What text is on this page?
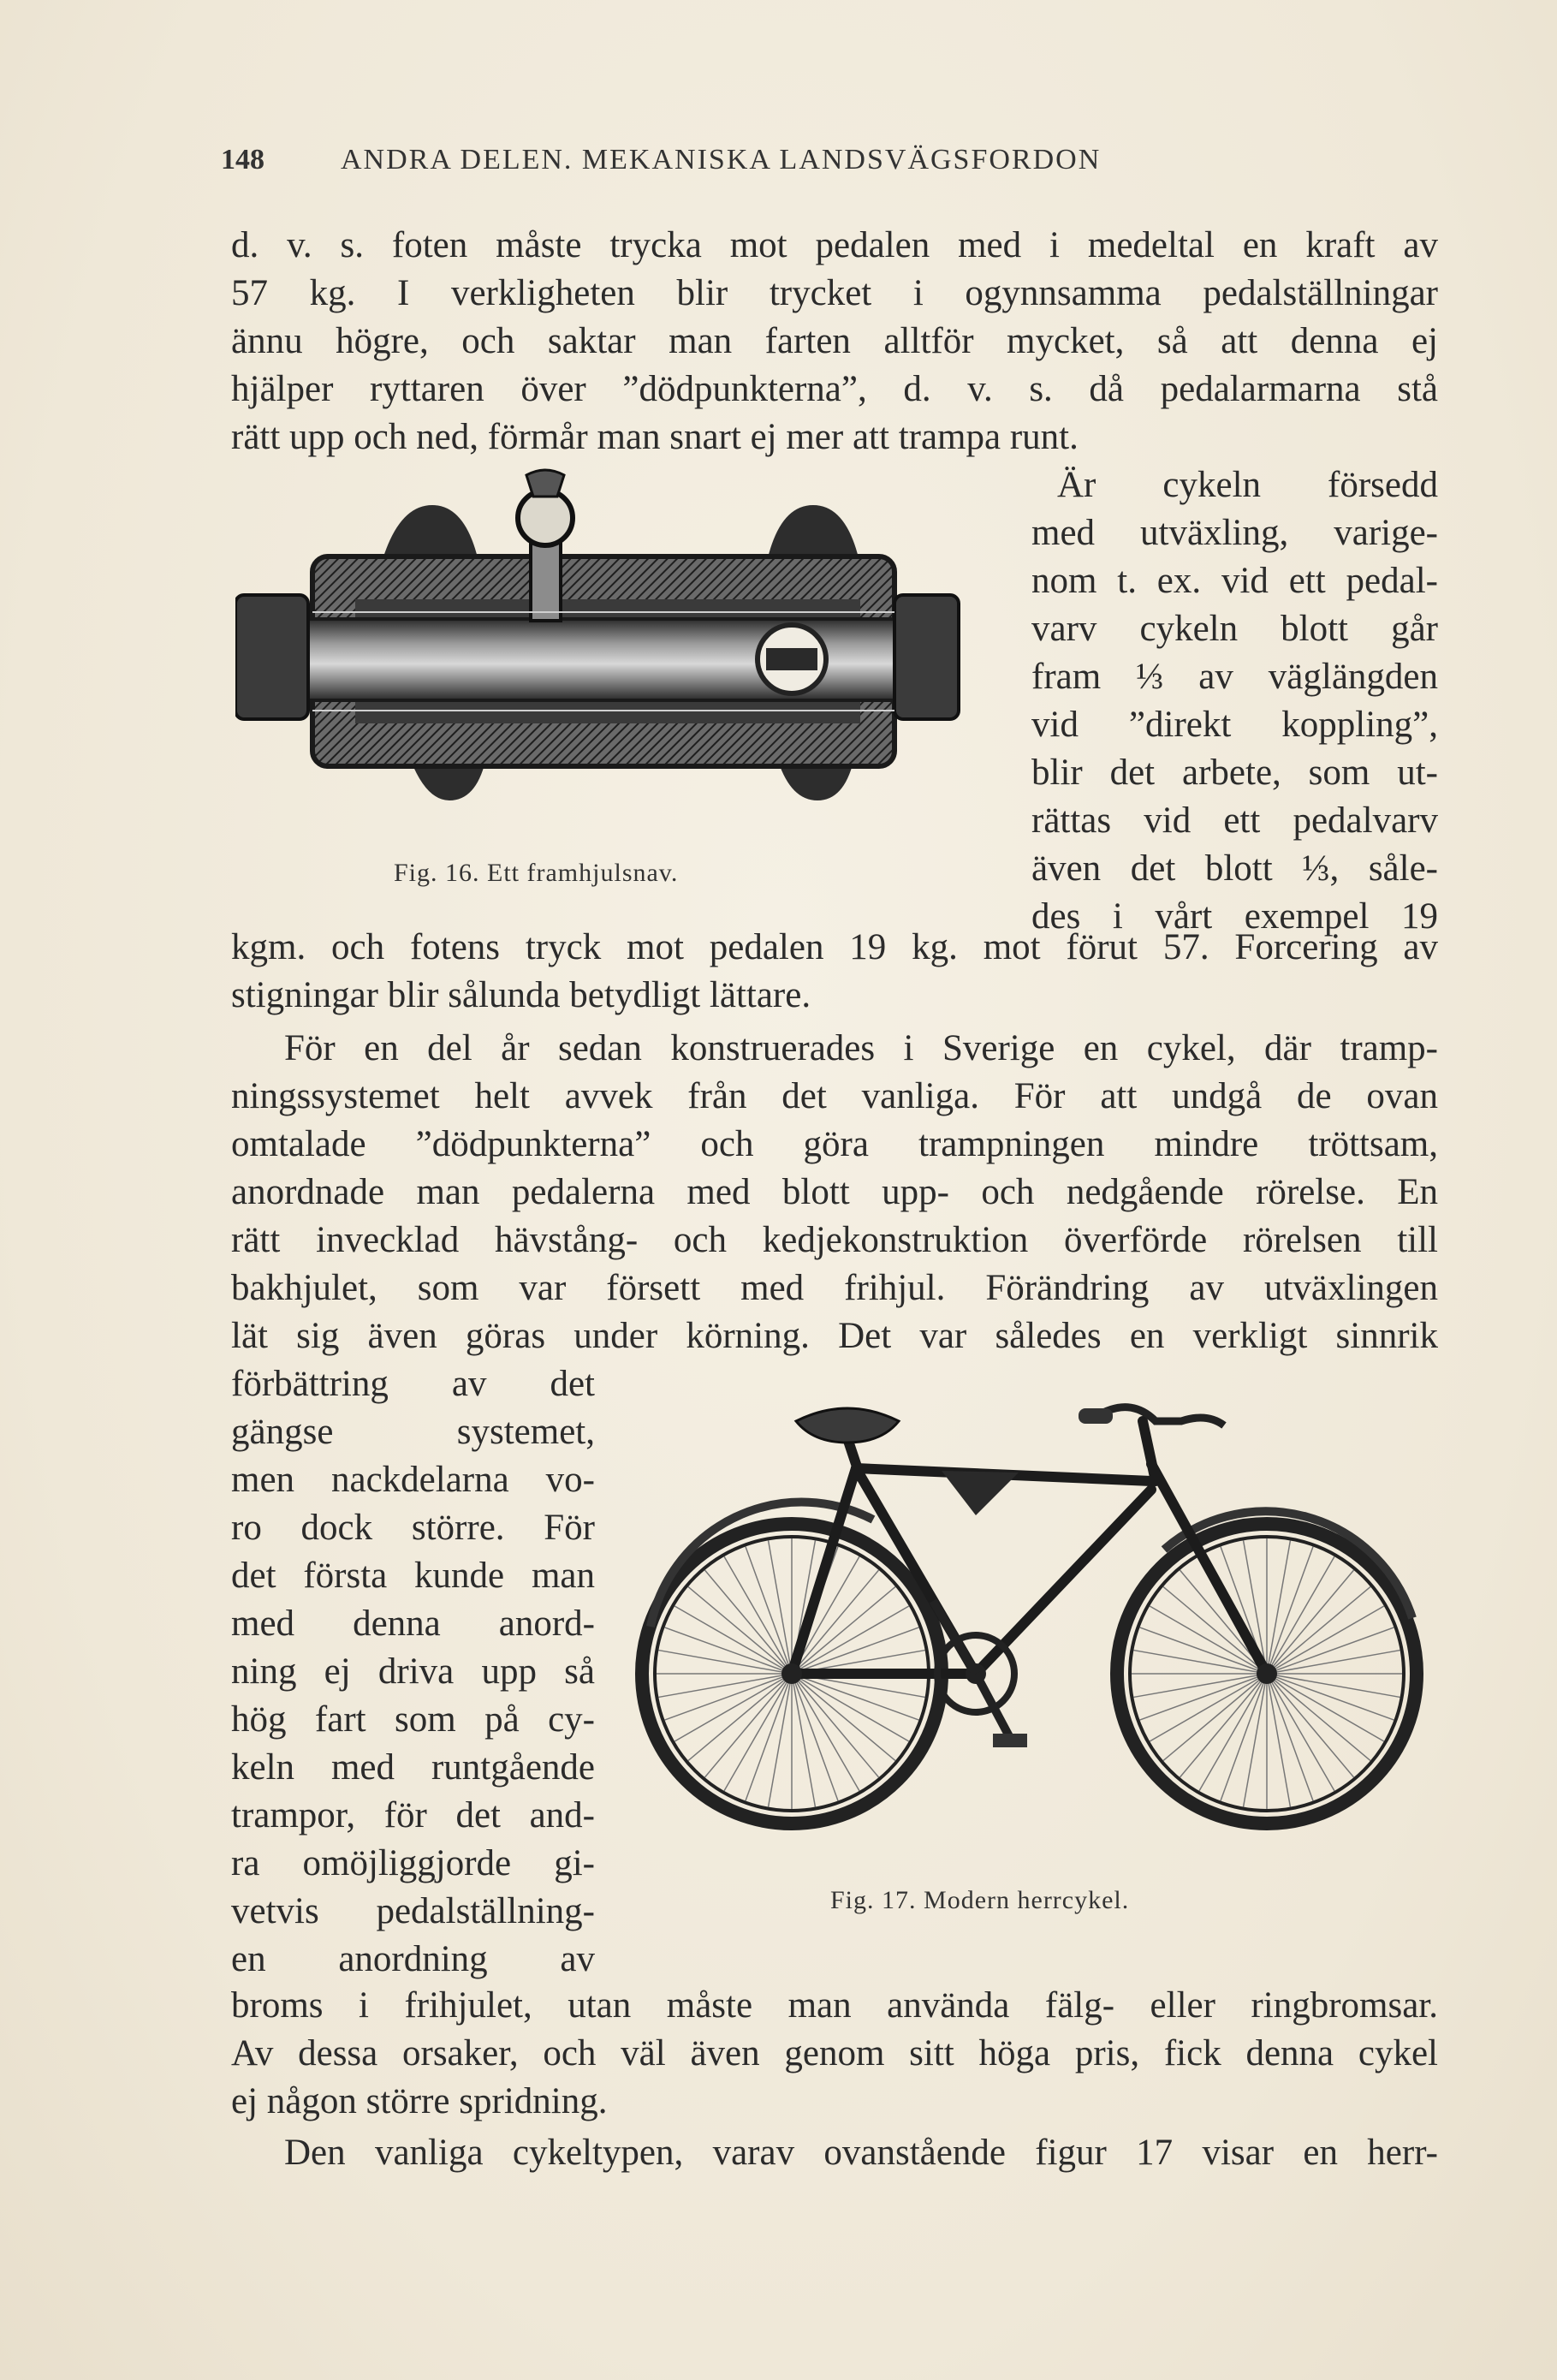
148	ANDRA DELEN. MEKANISKA LANDSVÄGSFORDON
d. v. s. foten måste trycka mot pedalen med i medeltal en kraft av
57 kg. I verkligheten blir trycket i ogynnsamma pedalställningar
ännu högre, och saktar man farten alltför mycket, så att denna ej
hjälper ryttaren över ”dödpunkterna”, d. v. s. då pedalarmarna stå
rätt upp och ned, förmår man snart ej mer att trampa runt.
Fig. 16. Ett framhjulsnav.
Är cykeln försedd
med utväxling, varige-
nom t. ex. vid ett pedal-
varv cykeln blott går
fram ⅓ av väglängden
vid ”direkt koppling”,
blir det arbete, som ut-
rättas vid ett pedalvarv
även det blott ⅓, såle-
des i vårt exempel 19
kgm. och fotens tryck mot pedalen 19 kg. mot förut 57. Forcering av
stigningar blir sålunda betydligt lättare.
För en del år sedan konstruerades i Sverige en cykel, där tramp-
ningssystemet helt avvek från det vanliga. För att undgå de ovan
omtalade ”dödpunkterna” och göra trampningen mindre tröttsam,
anordnade man pedalerna med blott upp- och nedgående rörelse. En
rätt invecklad hävstång- och kedjekonstruktion överförde rörelsen till
bakhjulet, som var försett med frihjul. Förändring av utväxlingen
lät sig även göras under körning. Det var således en verkligt sinnrik
förbättring av det
gängse systemet,
men nackdelarna vo-
ro dock större. För
det första kunde man
med denna anord-
ning ej driva upp så
hög fart som på cy-
keln med runtgående
trampor, för det and-
ra omöjliggjorde gi-
vetvis pedalställning-
en anordning av
Fig. 17. Modern herrcykel.
broms i frihjulet, utan måste man använda fälg- eller ringbromsar.
Av dessa orsaker, och väl även genom sitt höga pris, fick denna cykel
ej någon större spridning.
Den vanliga cykeltypen, varav ovanstående figur 17 visar en herr-
